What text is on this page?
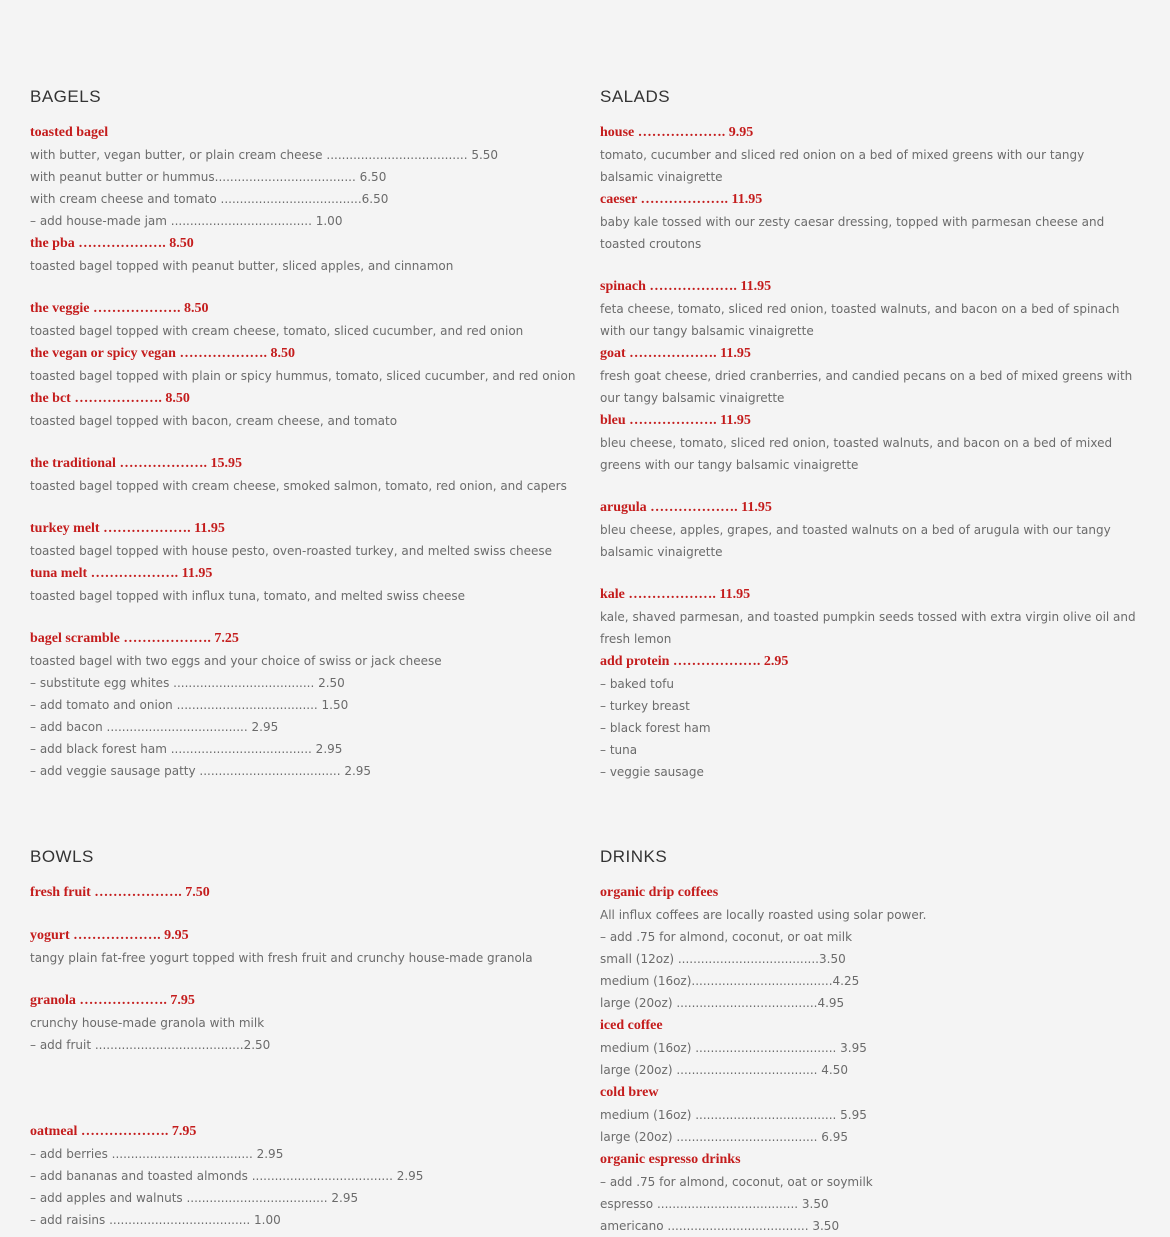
BAGELS
toasted bagel
with butter, vegan butter, or plain cream cheese ..................................... 5.50
with peanut butter or hummus..................................... 6.50
with cream cheese and tomato .....................................6.50
– add house-made jam ..................................... 1.00
the pba ………………. 8.50
toasted bagel topped with peanut butter, sliced apples, and cinnamon
the veggie ………………. 8.50
toasted bagel topped with cream cheese, tomato, sliced cucumber, and red onion
the vegan or spicy vegan ………………. 8.50
toasted bagel topped with plain or spicy hummus, tomato, sliced cucumber, and red onion
the bct ………………. 8.50
toasted bagel topped with bacon, cream cheese, and tomato
the traditional ………………. 15.95
toasted bagel topped with cream cheese, smoked salmon, tomato, red onion, and capers
turkey melt ………………. 11.95
toasted bagel topped with house pesto, oven-roasted turkey, and melted swiss cheese
tuna melt ………………. 11.95
toasted bagel topped with influx tuna, tomato, and melted swiss cheese
bagel scramble ………………. 7.25
toasted bagel with two eggs and your choice of swiss or jack cheese
– substitute egg whites ..................................... 2.50
– add tomato and onion ..................................... 1.50
– add bacon ..................................... 2.95
– add black forest ham ..................................... 2.95
– add veggie sausage patty ..................................... 2.95
SALADS
house ………………. 9.95
tomato, cucumber and sliced red onion on a bed of mixed greens with our tangy balsamic vinaigrette
caeser ………………. 11.95
baby kale tossed with our zesty caesar dressing, topped with parmesan cheese and toasted croutons
spinach ………………. 11.95
feta cheese, tomato, sliced red onion, toasted walnuts, and bacon on a bed of spinach with our tangy balsamic vinaigrette
goat ………………. 11.95
fresh goat cheese, dried cranberries, and candied pecans on a bed of mixed greens with our tangy balsamic vinaigrette
bleu ………………. 11.95
bleu cheese, tomato, sliced red onion, toasted walnuts, and bacon on a bed of mixed greens with our tangy balsamic vinaigrette
arugula ………………. 11.95
bleu cheese, apples, grapes, and toasted walnuts on a bed of arugula with our tangy balsamic vinaigrette
kale ………………. 11.95
kale, shaved parmesan, and toasted pumpkin seeds tossed with extra virgin olive oil and fresh lemon
add protein ………………. 2.95
– baked tofu
– turkey breast
– black forest ham
– tuna
– veggie sausage
BOWLS
fresh fruit ………………. 7.50
yogurt ………………. 9.95
tangy plain fat-free yogurt topped with fresh fruit and crunchy house-made granola
granola ………………. 7.95
crunchy house-made granola with milk
– add fruit .......................................2.50
oatmeal ………………. 7.95
– add berries ..................................... 2.95
– add bananas and toasted almonds ..................................... 2.95
– add apples and walnuts ..................................... 2.95
– add raisins ..................................... 1.00
DRINKS
organic drip coffees
All influx coffees are locally roasted using solar power.
– add .75 for almond, coconut, or oat milk
small (12oz) .....................................3.50
medium (16oz).....................................4.25
large (20oz) .....................................4.95
iced coffee
medium (16oz) ..................................... 3.95
large (20oz) ..................................... 4.50
cold brew
medium (16oz) ..................................... 5.95
large (20oz) ..................................... 6.95
organic espresso drinks
– add .75 for almond, coconut, oat or soymilk
espresso ..................................... 3.50
americano ..................................... 3.50
